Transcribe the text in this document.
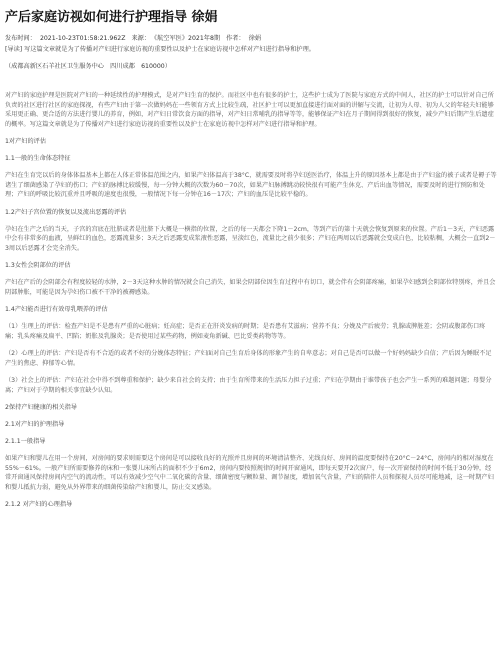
产后家庭访视如何进行护理指导 徐娟
发布时间： 2021-10-23T01:58:21.962Z 来源： 《航空军医》2021年8期 作者： 徐娟
[导读] 写这篇文章就是为了传播对产妇进行家庭访视的重要性以及护士在家庭访视中怎样对产妇进行指导和护理。
（成都高新区石羊社区卫生服务中心　四川成都　610000）

对产妇的家庭护理是医院对产妇的一种延续性的护理模式，是对产妇生育的保护。而社区中也有很多的护士，这些护士成为了医院与家庭方式的中间人，社区的护士可以针对自己所负责的社区进行社区的家庭探视，有些产妇由于第一次做妈妈在一些领育方式上比较生疏，社区护士可以更加直接进行面对面的讲解与交流，让初为人母、初为人父的年轻夫妇能够采用更正确、更合适的方法进行婴儿的养育，例如，对产妇日常饮食方面的指导，对产妇日常哺乳的指导等等，能够保证产妇在月子期间得到很好的恢复，减少产妇后期产生后遗症的概率。写这篇文章就是为了传播对产妇进行家庭访视的重要性以及护士在家庭访视中怎样对产妇进行指导和护理。

1对产妇的评估
1.1一般的生命体态特征

产妇在生育完以后的身体体温基本上都在人体正常体温范围之内，如果产妇体温高于38°C，就需要及时将孕妇送医治疗，体温上升的原因基本上都是由于产妇盆的被子或者是褥子等诸生了细菌感染了孕妇的伤口；产妇的脉搏比较缓慢，每一分钟大概的次数为60－70次，如果产妇脉搏跳动较快很有可能产生休克、产后出血等情况，需要及时的进行预防和处理；产妇的呼吸比较沉重并且呼吸的速度也很慢，一般情况下每一分钟在16－17次；产妇的血压是比较平稳的。

1.2产妇子宫位置的恢复以及流出恶露的评估

孕妇在生产之后的当天，子宫的宫底在肚脐或者是肚脐下大概是一横指的位置，之后的每一天都会下降1－2cm，等到产后的第十天就会恢复到原来的位置。产后1－3天，产妇恶露中会有非常多的血液，呈鲜红的血色，恶露流量多；3天之后恶露变成浆液性恶露，呈淡红色，流量比之前少很多；产妇在两周以后恶露就会变成白色，比较粘稠，大概会一直到2－3周以后恶露才会完全消失。

1.3女性会阴部位的评估

产妇在产后的会阴部会有程度较轻的水肿，2－3天这种水肿的情况就会自己消失，如果会阴部位因生育过程中有切口，就会伴有会阴部疼痛，如果孕妇感到会阴部位特别疼，并且会阴部肿胀，可能是因为孕妇伤口被不干净的被褥感染。

1.4产妇能否进行有效母乳喂养的评估

（1）生理上的评估：检查产妇是不是患有严重的心脏病；妊高症；是否正在肝炎发病的时期；是否患有艾滋病；营养不良；分娩及产后疲劳；乳腺或脾脏差；会阴或腹部伤口疼痛；乳头疼痛及扁平、凹陷；奶胀及乳腺炎；是否使用过某些药物，例如麦角新碱、巴比妥类药物等等。

（2）心理上的评估：产妇是否有不合适的或者不好的分娩体态特征；产妇面对自己生育后身体的形象产生的自卑意志；对自己是否可以做一个好妈妈缺少自信；产后因为睡眠不足产生的焦虑、抑郁等心情。

（3）社会上的评估：产妇在社会中得不到尊重和保护；缺少来自社会的支持；由于生育所带来的生活压力担子过重；产妇在孕期由于谁带孩子也会产生一系列的难题问题；母婴分离；产妇对于孕期的相关事宜缺少认知。

2保持产妇健康的相关指导
2.1对产妇的护理指导
2.1.1一般指导

如果产妇和婴儿在用一个房间，对房间的要求则需要这个房间是可以接收良好的光照并且房间的环境清洁整齐、光线良好、房间的温度要保持在20°C－24°C，房间内的相对湿度在55%－61%。一般产妇所需要修养的床和一张婴儿床所占的面积不少于6m2，房间内要按照规律的时间开窗通风，即每天要开2次窗户，每一次开窗保持的时间不低于30分钟，经常开窗通风保持房间内空气的流动性，可以有效减少空气中二氧化碳的含量、细菌密度与颗粒量、调节湿度，增加氧气含量，产妇的陪伴人员和探视人员尽可能地减，这一时期产妇和婴儿抵抗力弱，避免从外界带来的细菌传染给产妇和婴儿，防止交叉感染。

2.1.2 对产妇的心理指导
